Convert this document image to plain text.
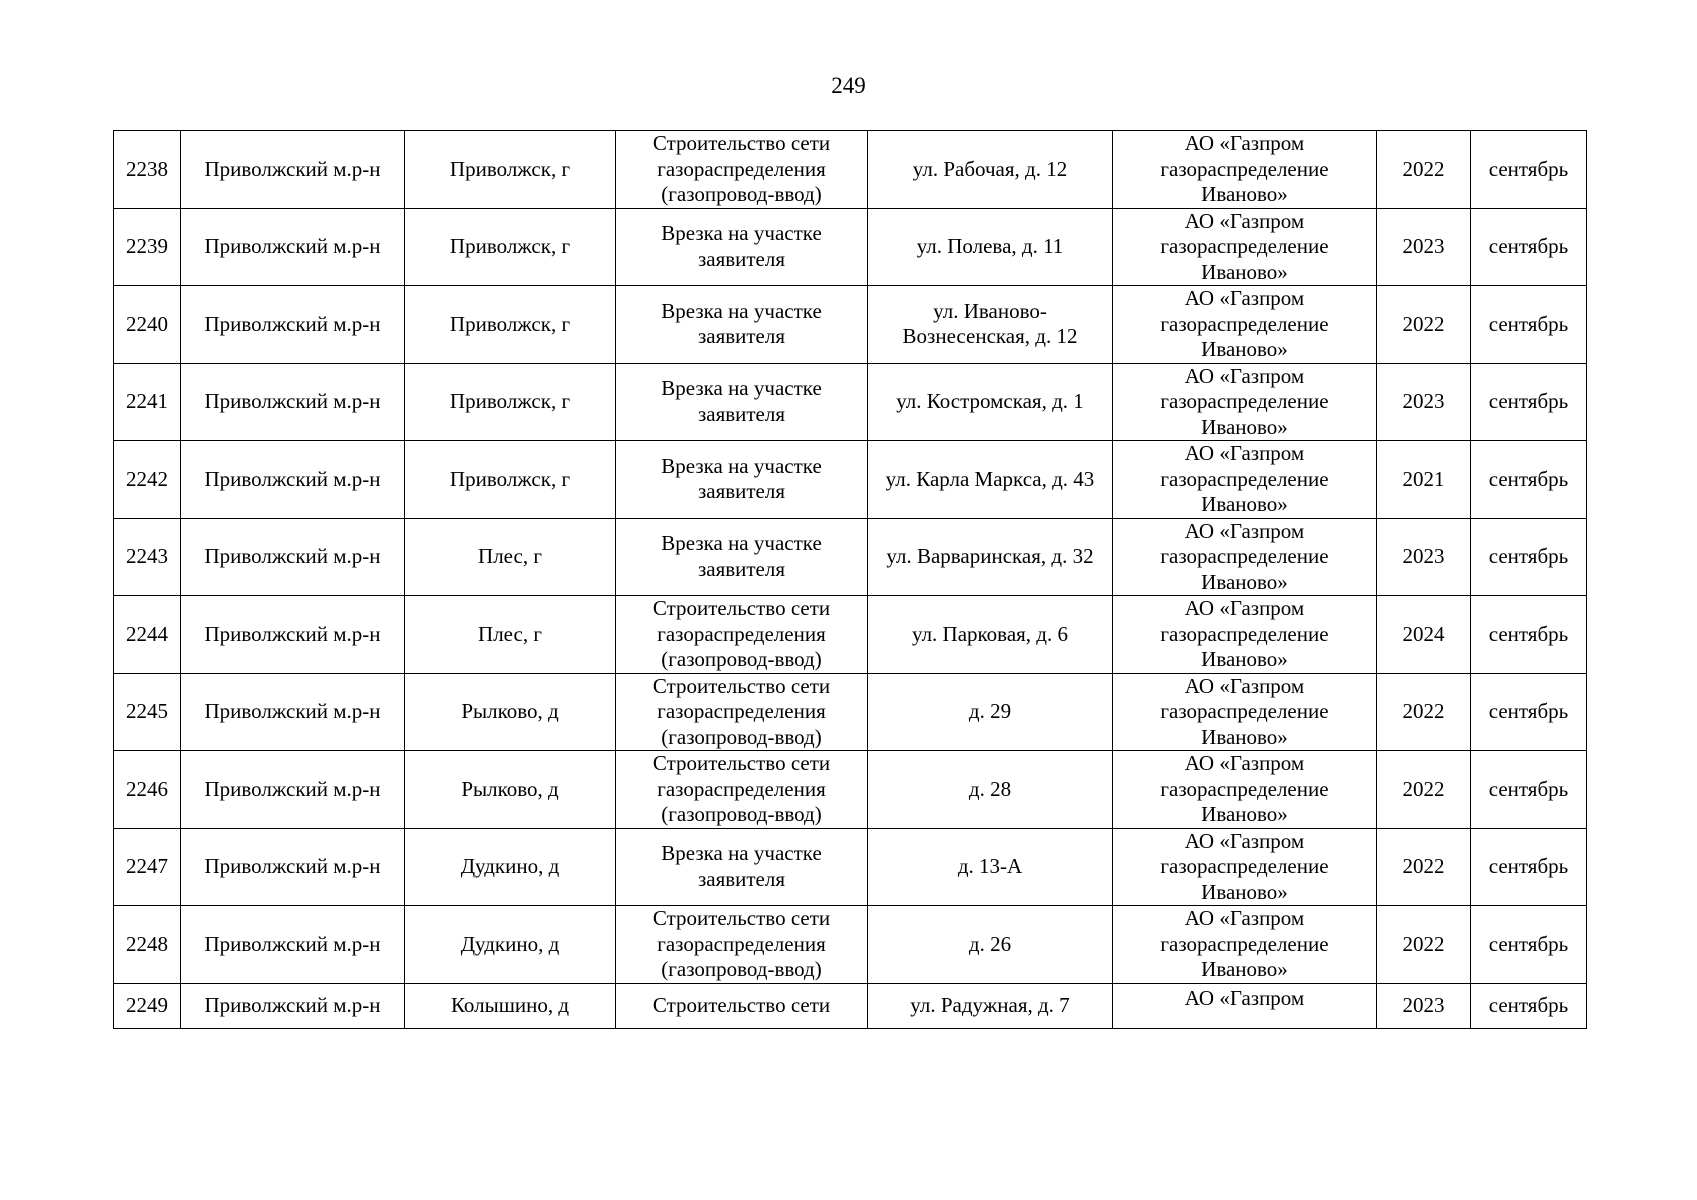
249
2238	Приволжский м.р-н	Приволжск, г	Строительство сети газораспределения (газопровод-ввод)	ул. Рабочая, д. 12	АО «Газпром газораспределение Иваново»	2022	сентябрь
2239	Приволжский м.р-н	Приволжск, г	Врезка на участке заявителя	ул. Полева, д. 11	АО «Газпром газораспределение Иваново»	2023	сентябрь
2240	Приволжский м.р-н	Приволжск, г	Врезка на участке заявителя	ул. Иваново-Вознесенская, д. 12	АО «Газпром газораспределение Иваново»	2022	сентябрь
2241	Приволжский м.р-н	Приволжск, г	Врезка на участке заявителя	ул. Костромская, д. 1	АО «Газпром газораспределение Иваново»	2023	сентябрь
2242	Приволжский м.р-н	Приволжск, г	Врезка на участке заявителя	ул. Карла Маркса, д. 43	АО «Газпром газораспределение Иваново»	2021	сентябрь
2243	Приволжский м.р-н	Плес, г	Врезка на участке заявителя	ул. Варваринская, д. 32	АО «Газпром газораспределение Иваново»	2023	сентябрь
2244	Приволжский м.р-н	Плес, г	Строительство сети газораспределения (газопровод-ввод)	ул. Парковая, д. 6	АО «Газпром газораспределение Иваново»	2024	сентябрь
2245	Приволжский м.р-н	Рылково, д	Строительство сети газораспределения (газопровод-ввод)	д. 29	АО «Газпром газораспределение Иваново»	2022	сентябрь
2246	Приволжский м.р-н	Рылково, д	Строительство сети газораспределения (газопровод-ввод)	д. 28	АО «Газпром газораспределение Иваново»	2022	сентябрь
2247	Приволжский м.р-н	Дудкино, д	Врезка на участке заявителя	д. 13-А	АО «Газпром газораспределение Иваново»	2022	сентябрь
2248	Приволжский м.р-н	Дудкино, д	Строительство сети газораспределения (газопровод-ввод)	д. 26	АО «Газпром газораспределение Иваново»	2022	сентябрь
2249	Приволжский м.р-н	Колышино, д	Строительство сети	ул. Радужная, д. 7	АО «Газпром	2023	сентябрь
